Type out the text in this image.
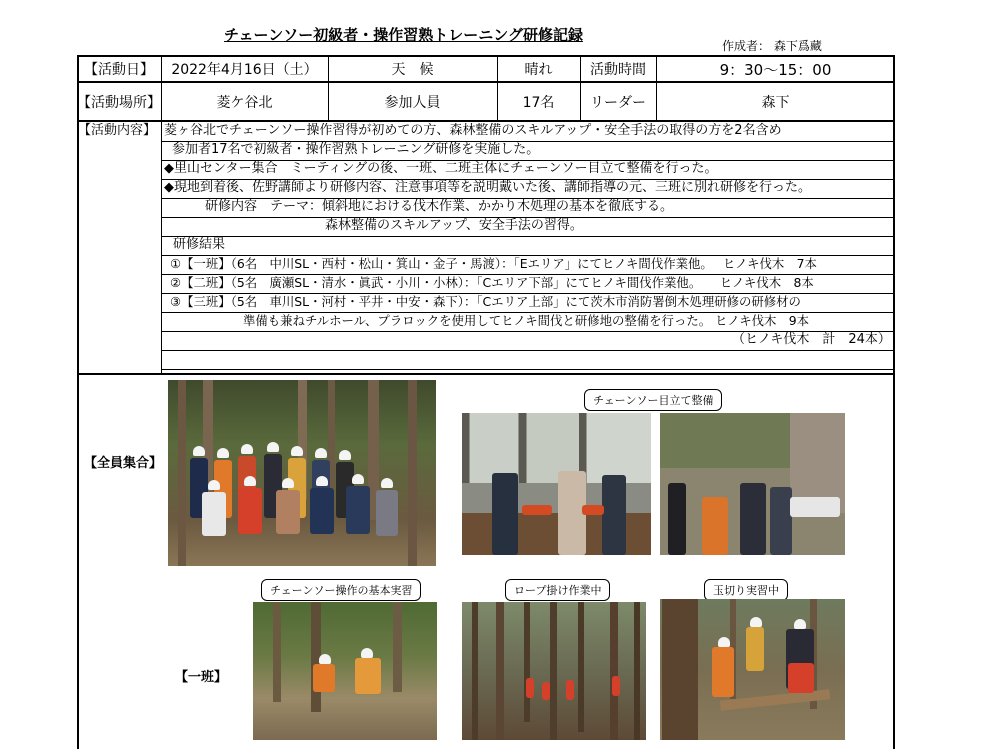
チェーンソー初級者・操作習熟トレーニング研修記録
作成者： 森下爲藏
【活動日】	2022年4月16日（土）	天　候	晴れ	活動時間	9：30～15：00
【活動場所】	菱ケ谷北	参加人員	17名	リーダー	森下
【活動内容】 菱ヶ谷北でチェーンソー操作習得が初めての方、森林整備のスキルアップ・安全手法の取得の方を2名含め
参加者17名で初級者・操作習熟トレーニング研修を実施した。
◆里山センター集合　ミーティングの後、一班、二班主体にチェーンソー目立て整備を行った。
◆現地到着後、佐野講師より研修内容、注意事項等を説明戴いた後、講師指導の元、三班に別れ研修を行った。
研修内容　テーマ：傾斜地における伐木作業、かかり木処理の基本を徹底する。
森林整備のスキルアップ、安全手法の習得。
研修結果
①【一班】（6名　中川SL・西村・松山・箕山・金子・馬渡）：「Eエリア」にてヒノキ間伐作業他。　 ヒノキ伐木　7本
②【二班】（5名　廣瀬SL・清水・眞武・小川・小林）：「Cエリア下部」にてヒノキ間伐作業他。　　ヒノキ伐木　8本
③【三班】（5名　車川SL・河村・平井・中安・森下）：「Cエリア上部」にて茨木市消防署倒木処理研修の研修材の
準備も兼ねチルホール、プラロックを使用してヒノキ間伐と研修地の整備を行った。 ヒノキ伐木　9本
（ヒノキ伐木　計　24本）
【全員集合】
【一班】
チェーンソー目立て整備
チェーンソー操作の基本実習	ロープ掛け作業中	玉切り実習中
